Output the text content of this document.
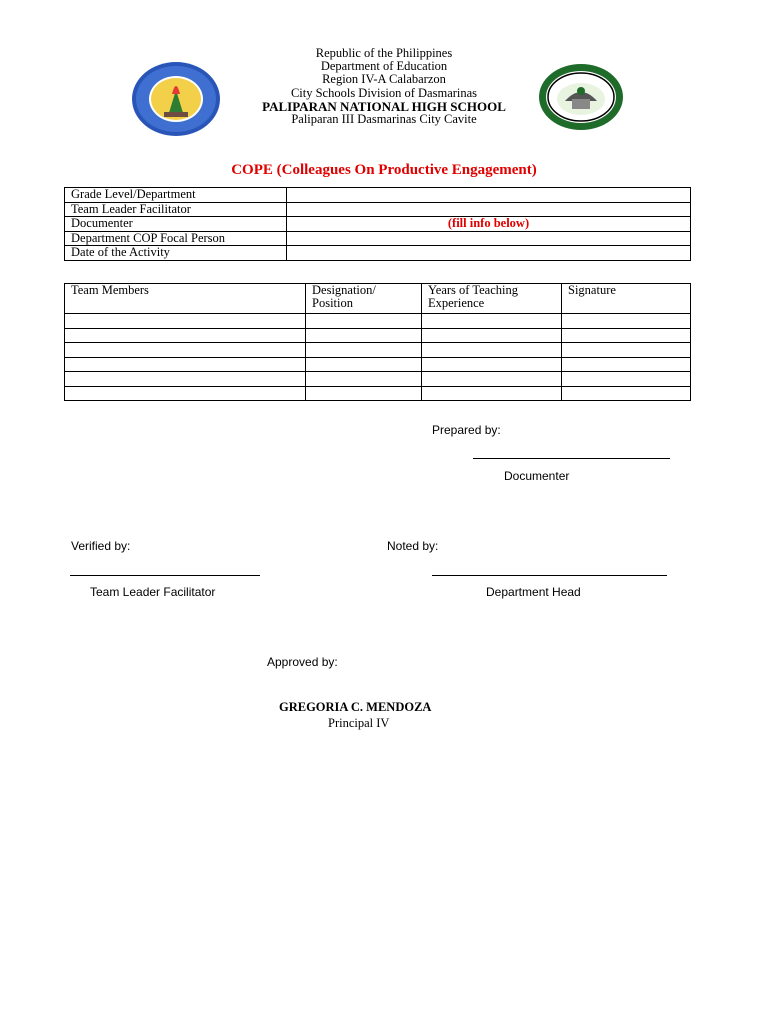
Republic of the Philippines
Department of Education
Region IV-A Calabarzon
City Schools Division of Dasmarinas
PALIPARAN NATIONAL HIGH SCHOOL
Paliparan III Dasmarinas City Cavite
COPE (Colleagues On Productive Engagement)
Grade Level/Department	
Team Leader Facilitator	
Documenter	(fill info below)
Department COP Focal Person	
Date of the Activity	
Team Members	Designation/ Position	Years of Teaching Experience	Signature

Prepared by:
Documenter
Verified by:	Noted by:
Team Leader Facilitator	Department Head
Approved by:
GREGORIA C. MENDOZA
Principal IV
